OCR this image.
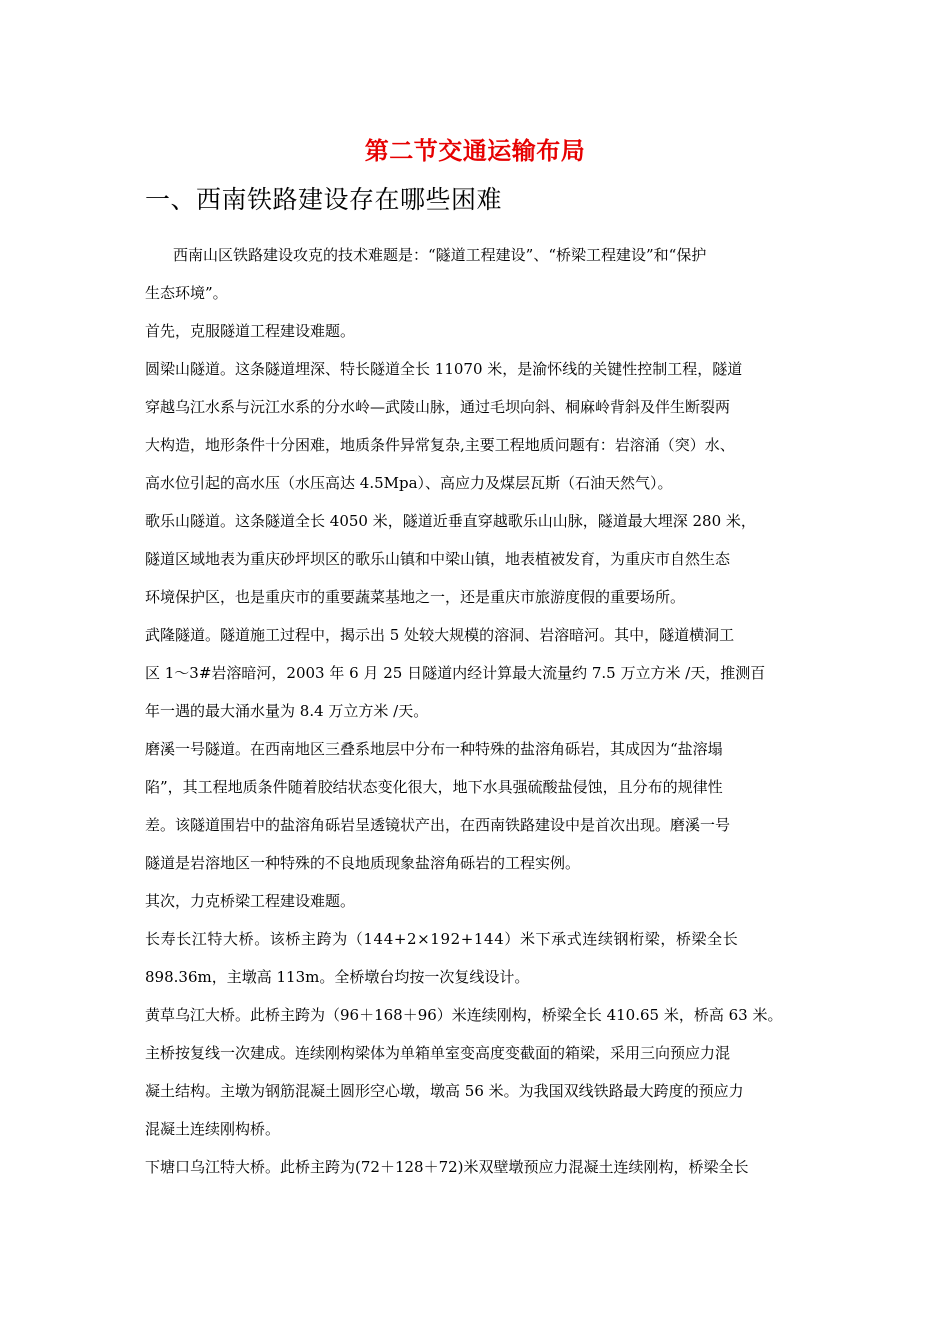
第二节交通运输布局
一、西南铁路建设存在哪些困难
西南山区铁路建设攻克的技术难题是：“隧道工程建设”、“桥梁工程建设”和“保护
生态环境”。
首先，克服隧道工程建设难题。
圆梁山隧道。这条隧道埋深、特长隧道全长 11070 米，是渝怀线的关键性控制工程，隧道
穿越乌江水系与沅江水系的分水岭—武陵山脉，通过毛坝向斜、桐麻岭背斜及伴生断裂两
大构造，地形条件十分困难，地质条件异常复杂,主要工程地质问题有：岩溶涌（突）水、
高水位引起的高水压（水压高达 4.5Mpa）、高应力及煤层瓦斯（石油天然气）。
歌乐山隧道。这条隧道全长 4050 米，隧道近垂直穿越歌乐山山脉，隧道最大埋深 280 米，
隧道区域地表为重庆砂坪坝区的歌乐山镇和中梁山镇，地表植被发育，为重庆市自然生态
环境保护区，也是重庆市的重要蔬菜基地之一，还是重庆市旅游度假的重要场所。
武隆隧道。隧道施工过程中，揭示出 5 处较大规模的溶洞、岩溶暗河。其中，隧道横洞工
区 1～3#岩溶暗河，2003 年 6 月 25 日隧道内经计算最大流量约 7.5 万立方米 /天，推测百
年一遇的最大涌水量为 8.4 万立方米 /天。
磨溪一号隧道。在西南地区三叠系地层中分布一种特殊的盐溶角砾岩，其成因为“盐溶塌
陷”，其工程地质条件随着胶结状态变化很大，地下水具强硫酸盐侵蚀，且分布的规律性
差。该隧道围岩中的盐溶角砾岩呈透镜状产出，在西南铁路建设中是首次出现。磨溪一号
隧道是岩溶地区一种特殊的不良地质现象盐溶角砾岩的工程实例。
其次，力克桥梁工程建设难题。
长寿长江特大桥。该桥主跨为（144+2×192+144）米下承式连续钢桁梁，桥梁全长
898.36m，主墩高 113m。全桥墩台均按一次复线设计。
黄草乌江大桥。此桥主跨为（96＋168＋96）米连续刚构，桥梁全长 410.65 米，桥高 63 米。
主桥按复线一次建成。连续刚构梁体为单箱单室变高度变截面的箱梁，采用三向预应力混
凝土结构。主墩为钢筋混凝土圆形空心墩，墩高 56 米。为我国双线铁路最大跨度的预应力
混凝土连续刚构桥。
下塘口乌江特大桥。此桥主跨为(72＋128＋72)米双壁墩预应力混凝土连续刚构，桥梁全长
